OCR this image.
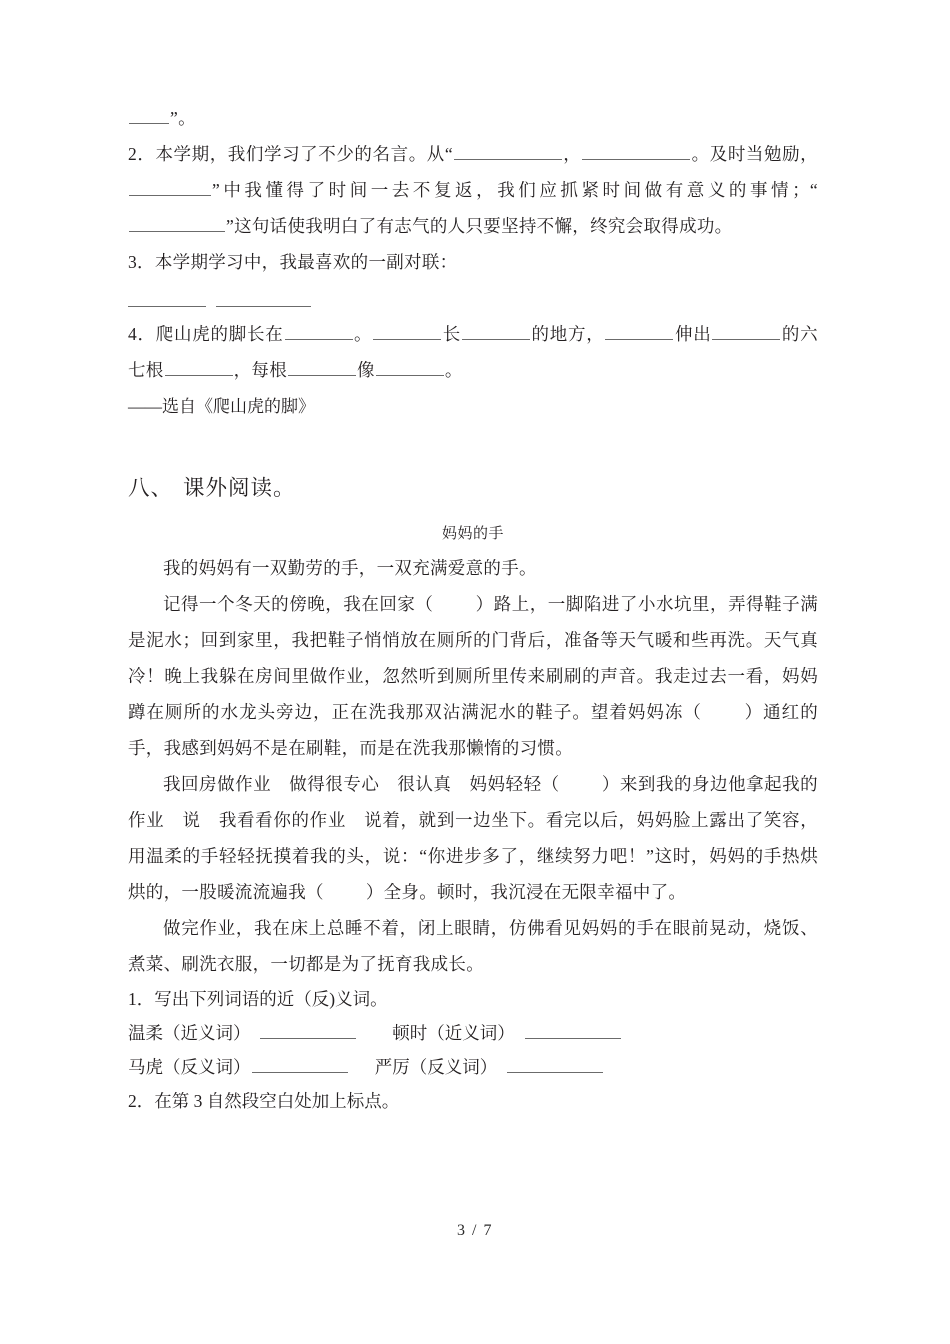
”。
2．本学期，我们学习了不少的名言。从“	，	。及时当勉励，”中我懂得了时间一去不复返，我们应抓紧时间做有意义的事情；“”这句话使我明白了有志气的人只要坚持不懈，终究会取得成功。
3．本学期学习中，我最喜欢的一副对联：
4．爬山虎的脚长在	。	长	的地方，	伸出	的六七根	，每根	像	。
——选自《爬山虎的脚》
八、 课外阅读。
妈妈的手

我的妈妈有一双勤劳的手，一双充满爱意的手。

记得一个冬天的傍晚，我在回家（ ）路上，一脚陷进了小水坑里，弄得鞋子满是泥水；回到家里，我把鞋子悄悄放在厕所的门背后，准备等天气暖和些再洗。天气真冷！晚上我躲在房间里做作业，忽然听到厕所里传来刷刷的声音。我走过去一看，妈妈蹲在厕所的水龙头旁边，正在洗我那双沾满泥水的鞋子。望着妈妈冻（ ）通红的手，我感到妈妈不是在刷鞋，而是在洗我那懒惰的习惯。

我回房做作业　做得很专心　很认真　妈妈轻轻（ ）来到我的身边他拿起我的作业　说　我看看你的作业　说着，就到一边坐下。看完以后，妈妈脸上露出了笑容，用温柔的手轻轻抚摸着我的头，说：“你进步多了，继续努力吧！”这时，妈妈的手热烘烘的，一股暖流流遍我（ ）全身。顿时，我沉浸在无限幸福中了。

做完作业，我在床上总睡不着，闭上眼睛，仿佛看见妈妈的手在眼前晃动，烧饭、煮菜、刷洗衣服，一切都是为了抚育我成长。

1．写出下列词语的近（反)义词。
温柔（近义词）	顿时（近义词）
马虎（反义词）	严厉（反义词）
2．在第 3 自然段空白处加上标点。
3 / 7
